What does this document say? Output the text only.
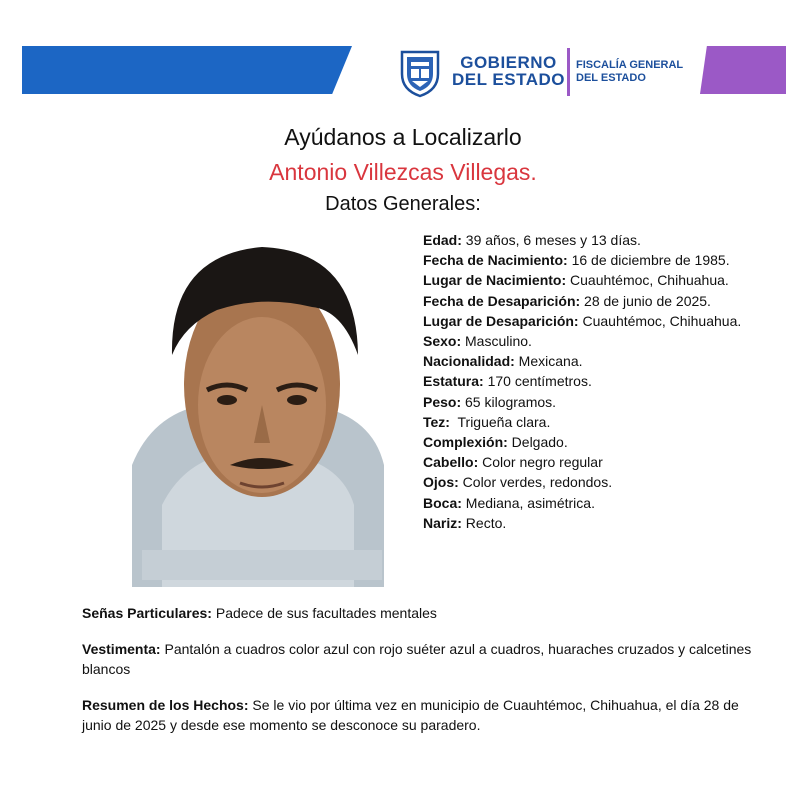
GOBIERNO
DEL ESTADO
FISCALÍA GENERAL
DEL ESTADO
Ayúdanos a Localizarlo
Antonio Villezcas Villegas.
Datos Generales:

Edad: 39 años, 6 meses y 13 días.

Fecha de Nacimiento: 16 de diciembre de 1985.

Lugar de Nacimiento: Cuauhtémoc, Chihuahua.

Fecha de Desaparición: 28 de junio de 2025.

Lugar de Desaparición: Cuauhtémoc, Chihuahua.

Sexo: Masculino.

Nacionalidad: Mexicana.

Estatura: 170 centímetros.

Peso: 65 kilogramos.

Tez:  Trigueña clara.

Complexión: Delgado.

Cabello: Color negro regular

Ojos: Color verdes, redondos.

Boca: Mediana, asimétrica.

Nariz: Recto.

Señas Particulares: Padece de sus facultades mentales

Vestimenta: Pantalón a cuadros color azul con rojo suéter azul a cuadros, huaraches cruzados y calcetines blancos

Resumen de los Hechos: Se le vio por última vez en municipio de Cuauhtémoc, Chihuahua, el día 28 de junio de 2025 y desde ese momento se desconoce su paradero.
